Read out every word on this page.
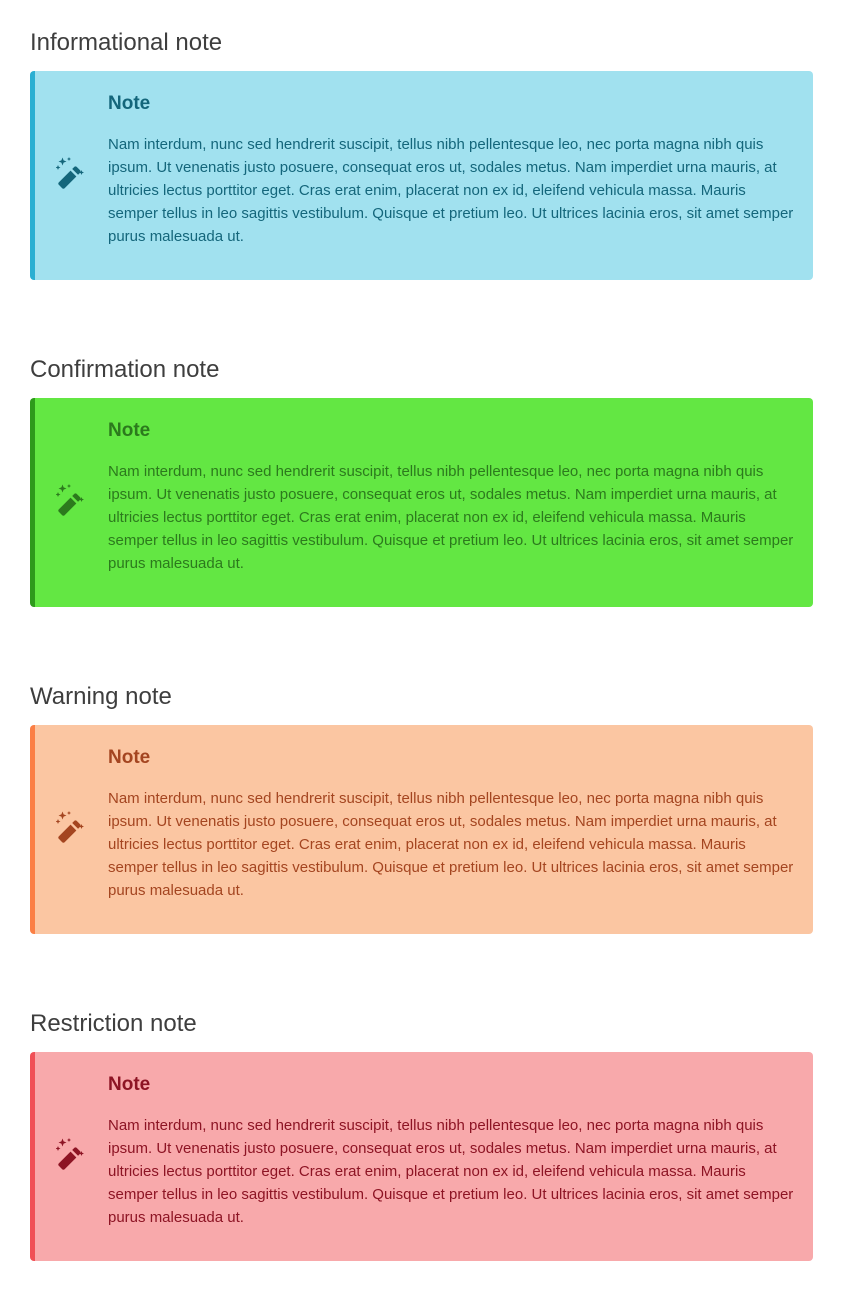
Informational note
Note

Nam interdum, nunc sed hendrerit suscipit, tellus nibh pellentesque leo, nec porta magna nibh quis ipsum. Ut venenatis justo posuere, consequat eros ut, sodales metus. Nam imperdiet urna mauris, at ultricies lectus porttitor eget. Cras erat enim, placerat non ex id, eleifend vehicula massa. Mauris semper tellus in leo sagittis vestibulum. Quisque et pretium leo. Ut ultrices lacinia eros, sit amet semper purus malesuada ut.

Confirmation note
Note

Nam interdum, nunc sed hendrerit suscipit, tellus nibh pellentesque leo, nec porta magna nibh quis ipsum. Ut venenatis justo posuere, consequat eros ut, sodales metus. Nam imperdiet urna mauris, at ultricies lectus porttitor eget. Cras erat enim, placerat non ex id, eleifend vehicula massa. Mauris semper tellus in leo sagittis vestibulum. Quisque et pretium leo. Ut ultrices lacinia eros, sit amet semper purus malesuada ut.

Warning note
Note

Nam interdum, nunc sed hendrerit suscipit, tellus nibh pellentesque leo, nec porta magna nibh quis ipsum. Ut venenatis justo posuere, consequat eros ut, sodales metus. Nam imperdiet urna mauris, at ultricies lectus porttitor eget. Cras erat enim, placerat non ex id, eleifend vehicula massa. Mauris semper tellus in leo sagittis vestibulum. Quisque et pretium leo. Ut ultrices lacinia eros, sit amet semper purus malesuada ut.

Restriction note
Note

Nam interdum, nunc sed hendrerit suscipit, tellus nibh pellentesque leo, nec porta magna nibh quis ipsum. Ut venenatis justo posuere, consequat eros ut, sodales metus. Nam imperdiet urna mauris, at ultricies lectus porttitor eget. Cras erat enim, placerat non ex id, eleifend vehicula massa. Mauris semper tellus in leo sagittis vestibulum. Quisque et pretium leo. Ut ultrices lacinia eros, sit amet semper purus malesuada ut.
